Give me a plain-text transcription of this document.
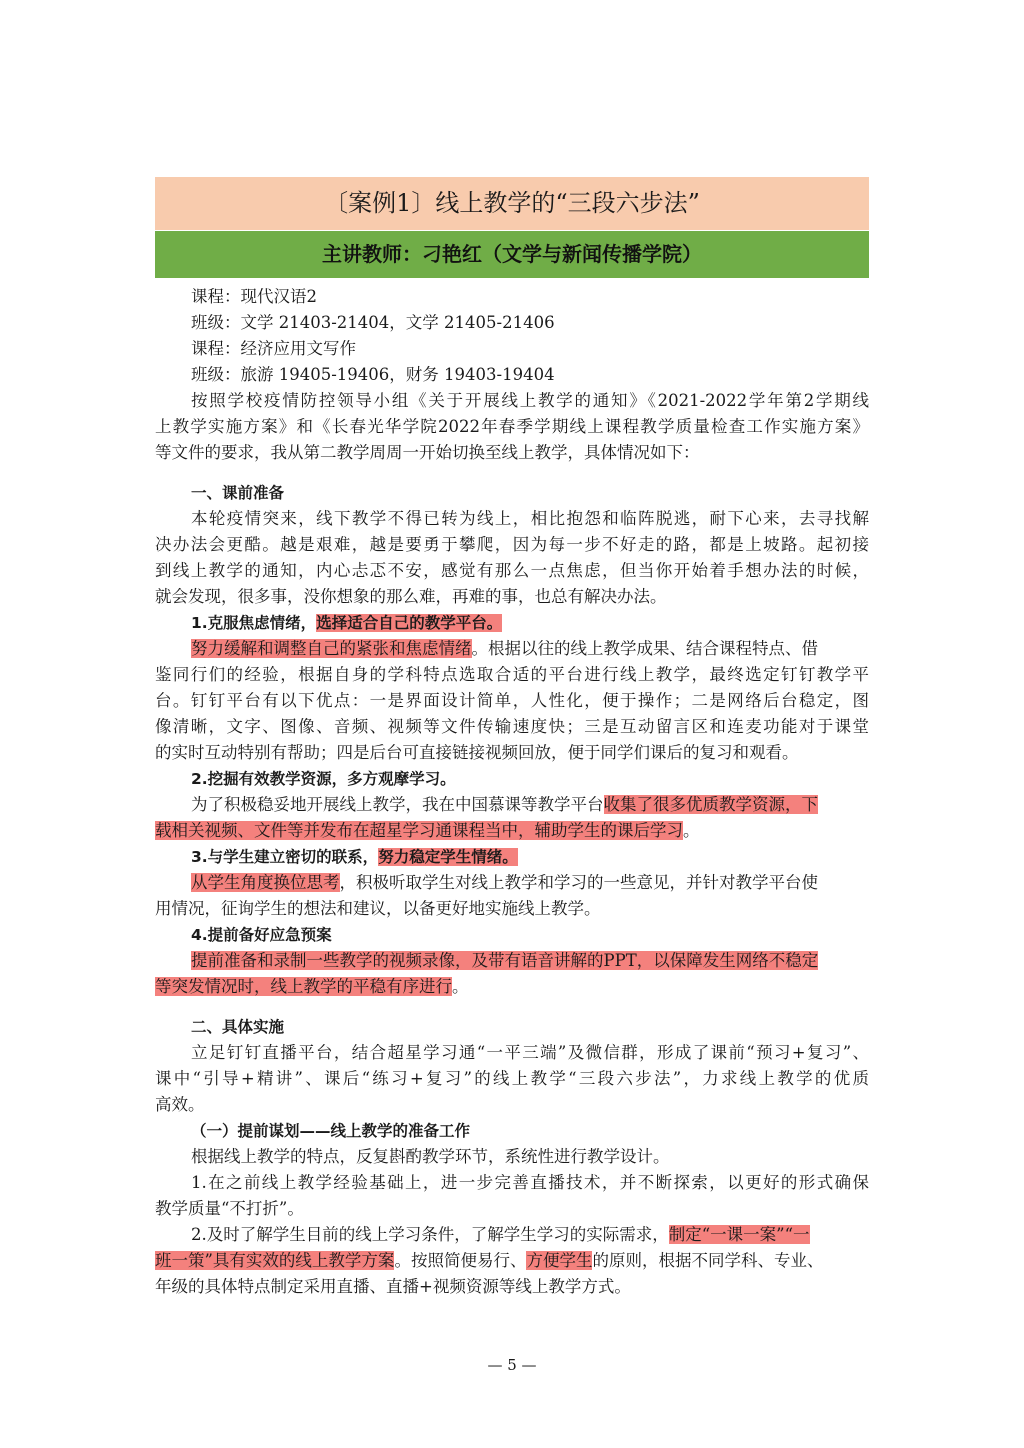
〔案例1〕线上教学的“三段六步法”
主讲教师：刁艳红（文学与新闻传播学院）
课程：现代汉语2
班级：文学 21403-21404，文学 21405-21406
课程：经济应用文写作
班级：旅游 19405-19406，财务 19403-19404
按照学校疫情防控领导小组《关于开展线上教学的通知》《2021-2022学年第2学期线
上教学实施方案》和《长春光华学院2022年春季学期线上课程教学质量检查工作实施方案》
等文件的要求，我从第二教学周周一开始切换至线上教学，具体情况如下：
一、课前准备
本轮疫情突来，线下教学不得已转为线上，相比抱怨和临阵脱逃，耐下心来，去寻找解
决办法会更酷。越是艰难，越是要勇于攀爬，因为每一步不好走的路，都是上坡路。起初接
到线上教学的通知，内心忐忑不安，感觉有那么一点焦虑，但当你开始着手想办法的时候，
就会发现，很多事，没你想象的那么难，再难的事，也总有解决办法。
1.克服焦虑情绪，选择适合自己的教学平台。
努力缓解和调整自己的紧张和焦虑情绪。根据以往的线上教学成果、结合课程特点、借
鉴同行们的经验，根据自身的学科特点选取合适的平台进行线上教学，最终选定钉钉教学平
台。钉钉平台有以下优点：一是界面设计简单，人性化，便于操作；二是网络后台稳定，图
像清晰，文字、图像、音频、视频等文件传输速度快；三是互动留言区和连麦功能对于课堂
的实时互动特别有帮助；四是后台可直接链接视频回放，便于同学们课后的复习和观看。
2.挖掘有效教学资源，多方观摩学习。
为了积极稳妥地开展线上教学，我在中国慕课等教学平台收集了很多优质教学资源，下
载相关视频、文件等并发布在超星学习通课程当中，辅助学生的课后学习。
3.与学生建立密切的联系，努力稳定学生情绪。
从学生角度换位思考，积极听取学生对线上教学和学习的一些意见，并针对教学平台使
用情况，征询学生的想法和建议，以备更好地实施线上教学。
4.提前备好应急预案
提前准备和录制一些教学的视频录像，及带有语音讲解的PPT，以保障发生网络不稳定
等突发情况时，线上教学的平稳有序进行。
二、具体实施
立足钉钉直播平台，结合超星学习通“一平三端”及微信群，形成了课前“预习+复习”、
课中“引导+精讲”、课后“练习+复习”的线上教学“三段六步法”，力求线上教学的优质
高效。
（一）提前谋划——线上教学的准备工作
根据线上教学的特点，反复斟酌教学环节，系统性进行教学设计。
1.在之前线上教学经验基础上，进一步完善直播技术，并不断探索，以更好的形式确保
教学质量“不打折”。
2.及时了解学生目前的线上学习条件，了解学生学习的实际需求，制定“一课一案”“一
班一策”具有实效的线上教学方案。按照简便易行、方便学生的原则，根据不同学科、专业、
年级的具体特点制定采用直播、直播+视频资源等线上教学方式。
— 5 —
